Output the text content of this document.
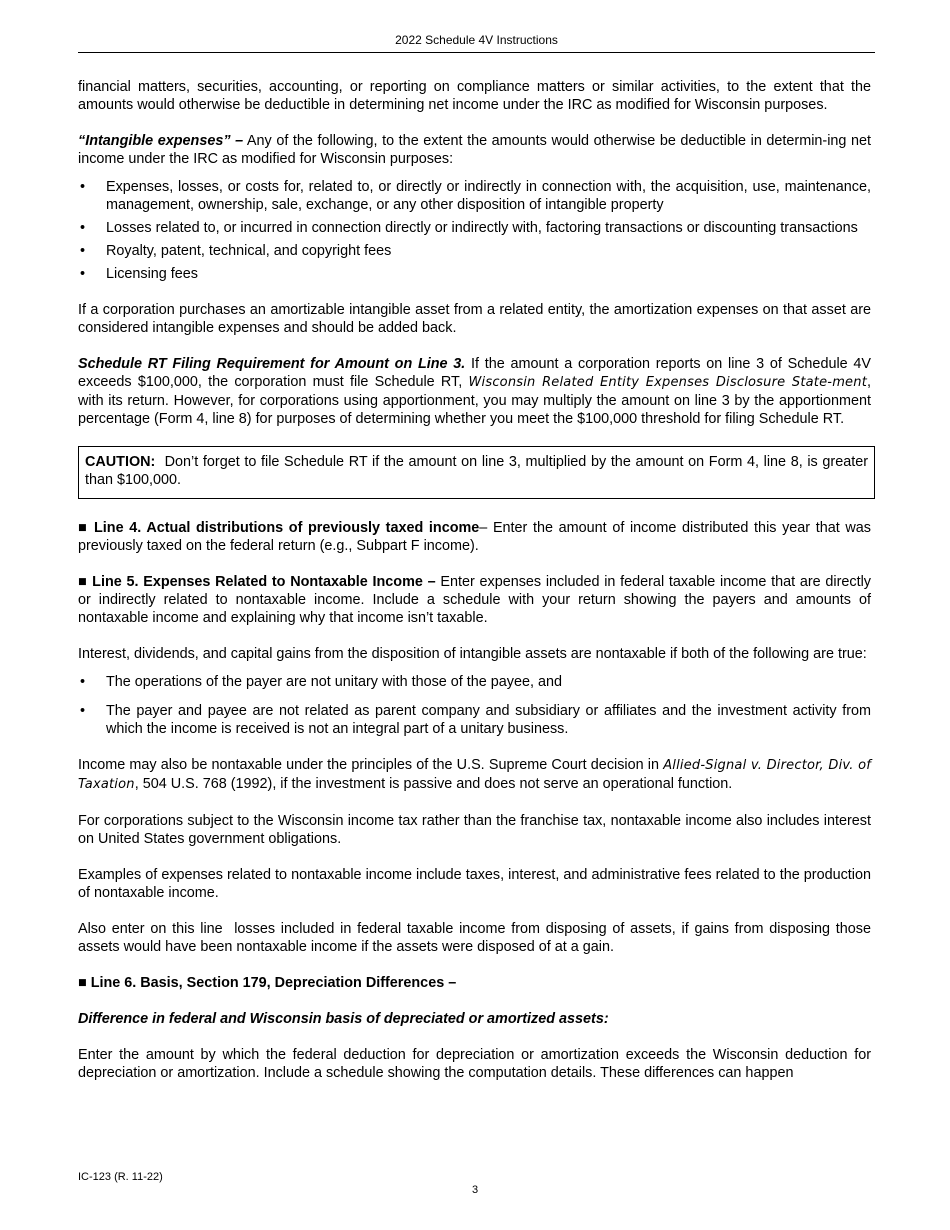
2022 Schedule 4V Instructions

financial matters, securities, accounting, or reporting on compliance matters or similar activities, to the extent that the amounts would otherwise be deductible in determining net income under the IRC as modified for Wisconsin purposes.

“Intangible expenses” – Any of the following, to the extent the amounts would otherwise be deductible in determin-ing net income under the IRC as modified for Wisconsin purposes:

• Expenses, losses, or costs for, related to, or directly or indirectly in connection with, the acquisition, use, maintenance, management, ownership, sale, exchange, or any other disposition of intangible property
• Losses related to, or incurred in connection directly or indirectly with, factoring transactions or discounting transactions
• Royalty, patent, technical, and copyright fees
• Licensing fees

If a corporation purchases an amortizable intangible asset from a related entity, the amortization expenses on that asset are considered intangible expenses and should be added back.

Schedule RT Filing Requirement for Amount on Line 3. If the amount a corporation reports on line 3 of Schedule 4V exceeds $100,000, the corporation must file Schedule RT, Wisconsin Related Entity Expenses Disclosure State-ment, with its return. However, for corporations using apportionment, you may multiply the amount on line 3 by the apportionment percentage (Form 4, line 8) for purposes of determining whether you meet the $100,000 threshold for filing Schedule RT.

CAUTION:  Don’t forget to file Schedule RT if the amount on line 3, multiplied by the amount on Form 4, line 8, is greater than $100,000.

■ Line 4. Actual distributions of previously taxed income– Enter the amount of income distributed this year that was previously taxed on the federal return (e.g., Subpart F income).

■ Line 5. Expenses Related to Nontaxable Income – Enter expenses included in federal taxable income that are directly or indirectly related to nontaxable income. Include a schedule with your return showing the payers and amounts of nontaxable income and explaining why that income isn’t taxable.

Interest, dividends, and capital gains from the disposition of intangible assets are nontaxable if both of the following are true:

• The operations of the payer are not unitary with those of the payee, and
• The payer and payee are not related as parent company and subsidiary or affiliates and the investment activity from which the income is received is not an integral part of a unitary business.

Income may also be nontaxable under the principles of the U.S. Supreme Court decision in Allied-Signal v. Director, Div. of Taxation, 504 U.S. 768 (1992), if the investment is passive and does not serve an operational function.

For corporations subject to the Wisconsin income tax rather than the franchise tax, nontaxable income also includes interest on United States government obligations.

Examples of expenses related to nontaxable income include taxes, interest, and administrative fees related to the production of nontaxable income.

Also enter on this line  losses included in federal taxable income from disposing of assets, if gains from disposing those assets would have been nontaxable income if the assets were disposed of at a gain.

■ Line 6. Basis, Section 179, Depreciation Differences –

Difference in federal and Wisconsin basis of depreciated or amortized assets:

Enter the amount by which the federal deduction for depreciation or amortization exceeds the Wisconsin deduction for depreciation or amortization. Include a schedule showing the computation details. These differences can happen

IC-123 (R. 11-22)
3
